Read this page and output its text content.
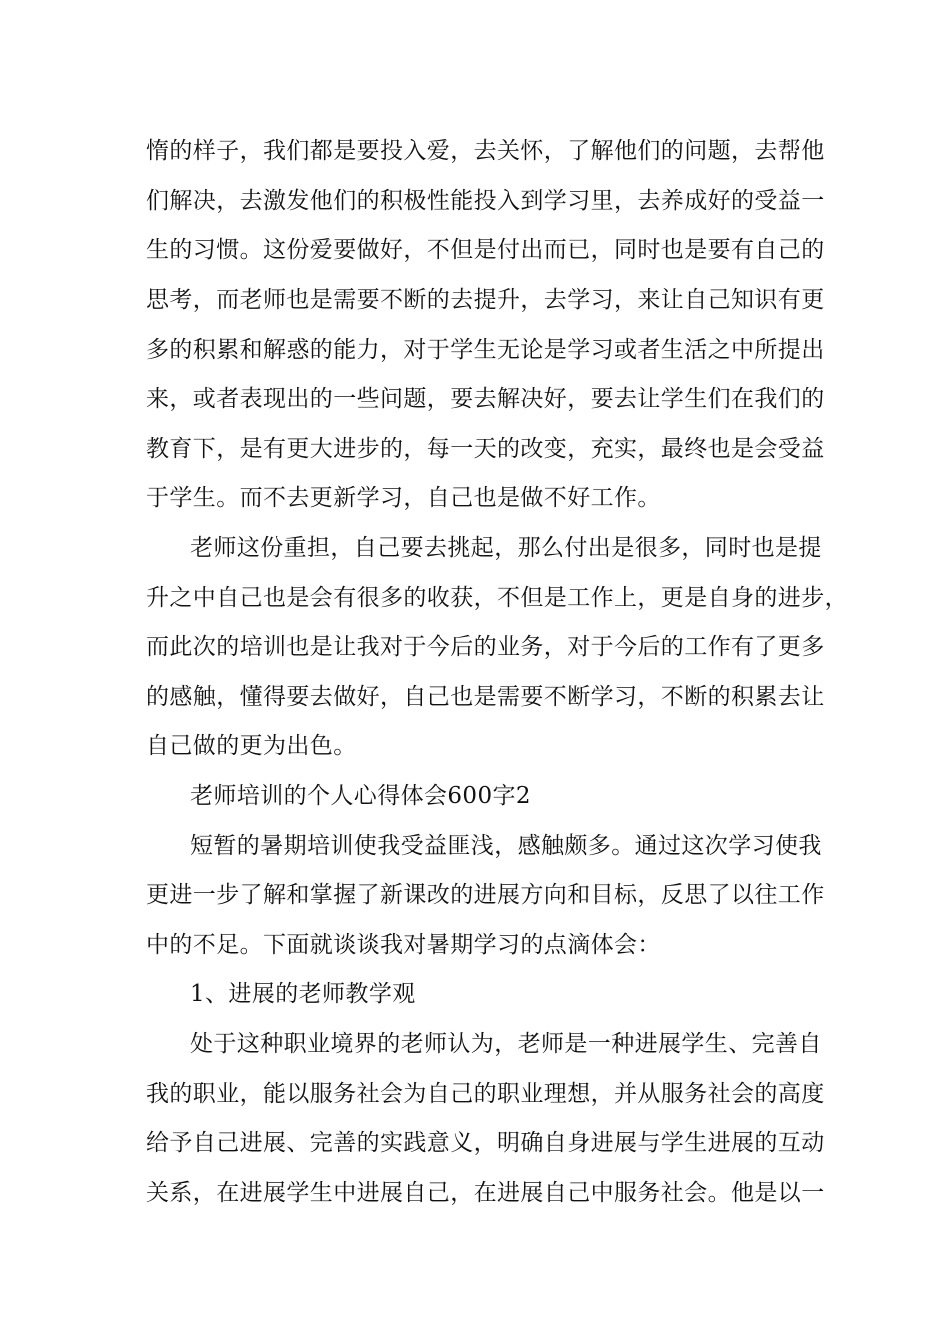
惰的样子，我们都是要投入爱，去关怀，了解他们的问题，去帮他
们解决，去激发他们的积极性能投入到学习里，去养成好的受益一
生的习惯。这份爱要做好，不但是付出而已，同时也是要有自己的
思考，而老师也是需要不断的去提升，去学习，来让自己知识有更
多的积累和解惑的能力，对于学生无论是学习或者生活之中所提出
来，或者表现出的一些问题，要去解决好，要去让学生们在我们的
教育下，是有更大进步的，每一天的改变，充实，最终也是会受益
于学生。而不去更新学习，自己也是做不好工作。
老师这份重担，自己要去挑起，那么付出是很多，同时也是提
升之中自己也是会有很多的收获，不但是工作上，更是自身的进步，
而此次的培训也是让我对于今后的业务，对于今后的工作有了更多
的感触，懂得要去做好，自己也是需要不断学习，不断的积累去让
自己做的更为出色。
老师培训的个人心得体会600字2
短暂的暑期培训使我受益匪浅，感触颇多。通过这次学习使我
更进一步了解和掌握了新课改的进展方向和目标，反思了以往工作
中的不足。下面就谈谈我对暑期学习的点滴体会：
1、进展的老师教学观
处于这种职业境界的老师认为，老师是一种进展学生、完善自
我的职业，能以服务社会为自己的职业理想，并从服务社会的高度
给予自己进展、完善的实践意义，明确自身进展与学生进展的互动
关系，在进展学生中进展自己，在进展自己中服务社会。他是以一
